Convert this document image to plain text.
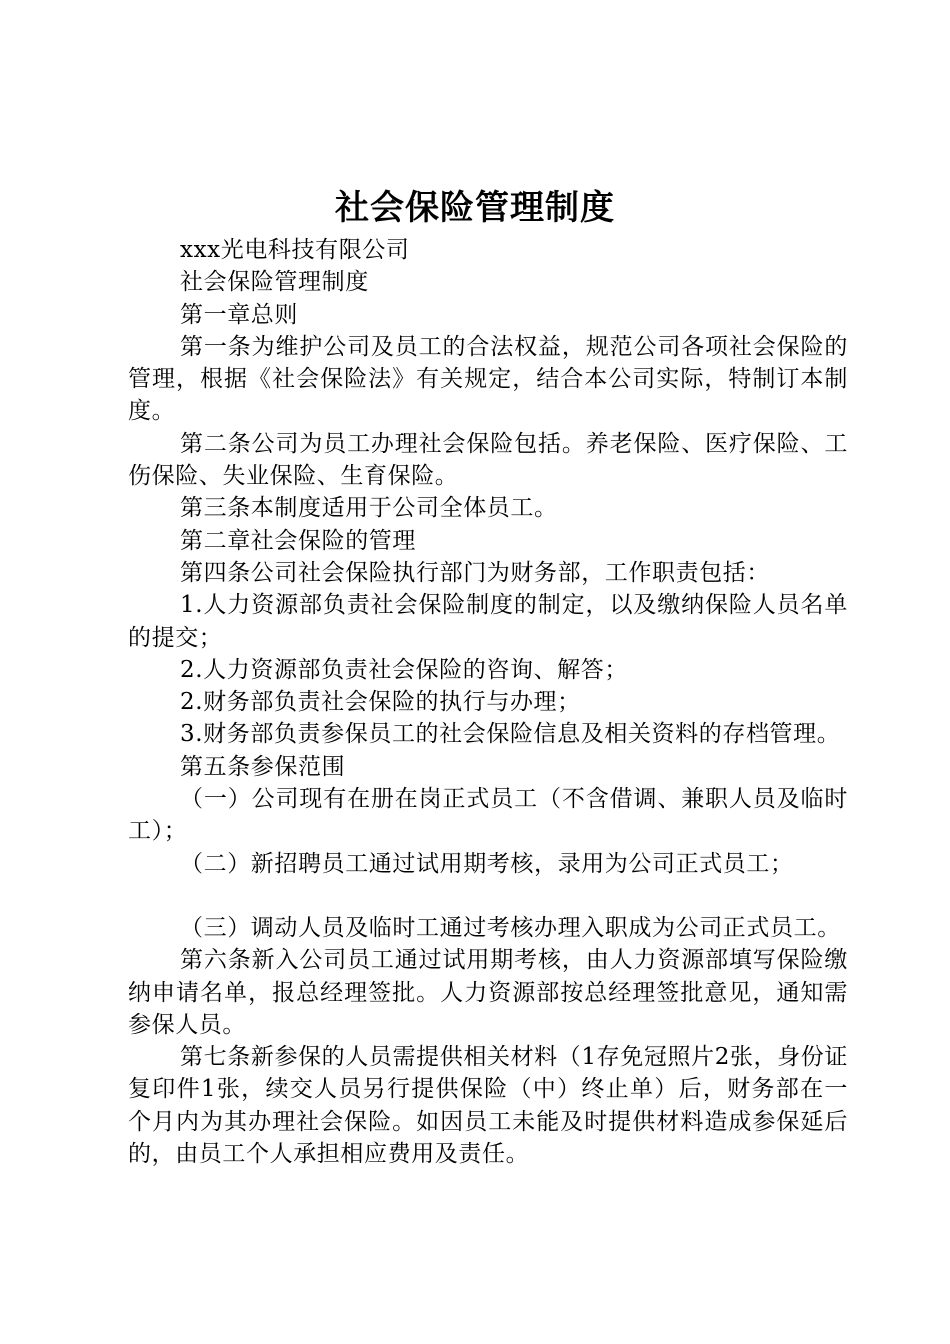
社会保险管理制度

xxx光电科技有限公司

社会保险管理制度

第一章总则

第一条为维护公司及员工的合法权益，规范公司各项社会保险的管理，根据《社会保险法》有关规定，结合本公司实际，特制订本制度。

第二条公司为员工办理社会保险包括。养老保险、医疗保险、工伤保险、失业保险、生育保险。

第三条本制度适用于公司全体员工。

第二章社会保险的管理

第四条公司社会保险执行部门为财务部，工作职责包括：

1.人力资源部负责社会保险制度的制定，以及缴纳保险人员名单的提交；

2.人力资源部负责社会保险的咨询、解答；

2.财务部负责社会保险的执行与办理；

3.财务部负责参保员工的社会保险信息及相关资料的存档管理。

第五条参保范围

（一）公司现有在册在岗正式员工（不含借调、兼职人员及临时工）；

（二）新招聘员工通过试用期考核，录用为公司正式员工；

（三）调动人员及临时工通过考核办理入职成为公司正式员工。

第六条新入公司员工通过试用期考核，由人力资源部填写保险缴纳申请名单，报总经理签批。人力资源部按总经理签批意见，通知需参保人员。

第七条新参保的人员需提供相关材料（1存免冠照片2张，身份证复印件1张，续交人员另行提供保险（中）终止单）后，财务部在一个月内为其办理社会保险。如因员工未能及时提供材料造成参保延后的，由员工个人承担相应费用及责任。
